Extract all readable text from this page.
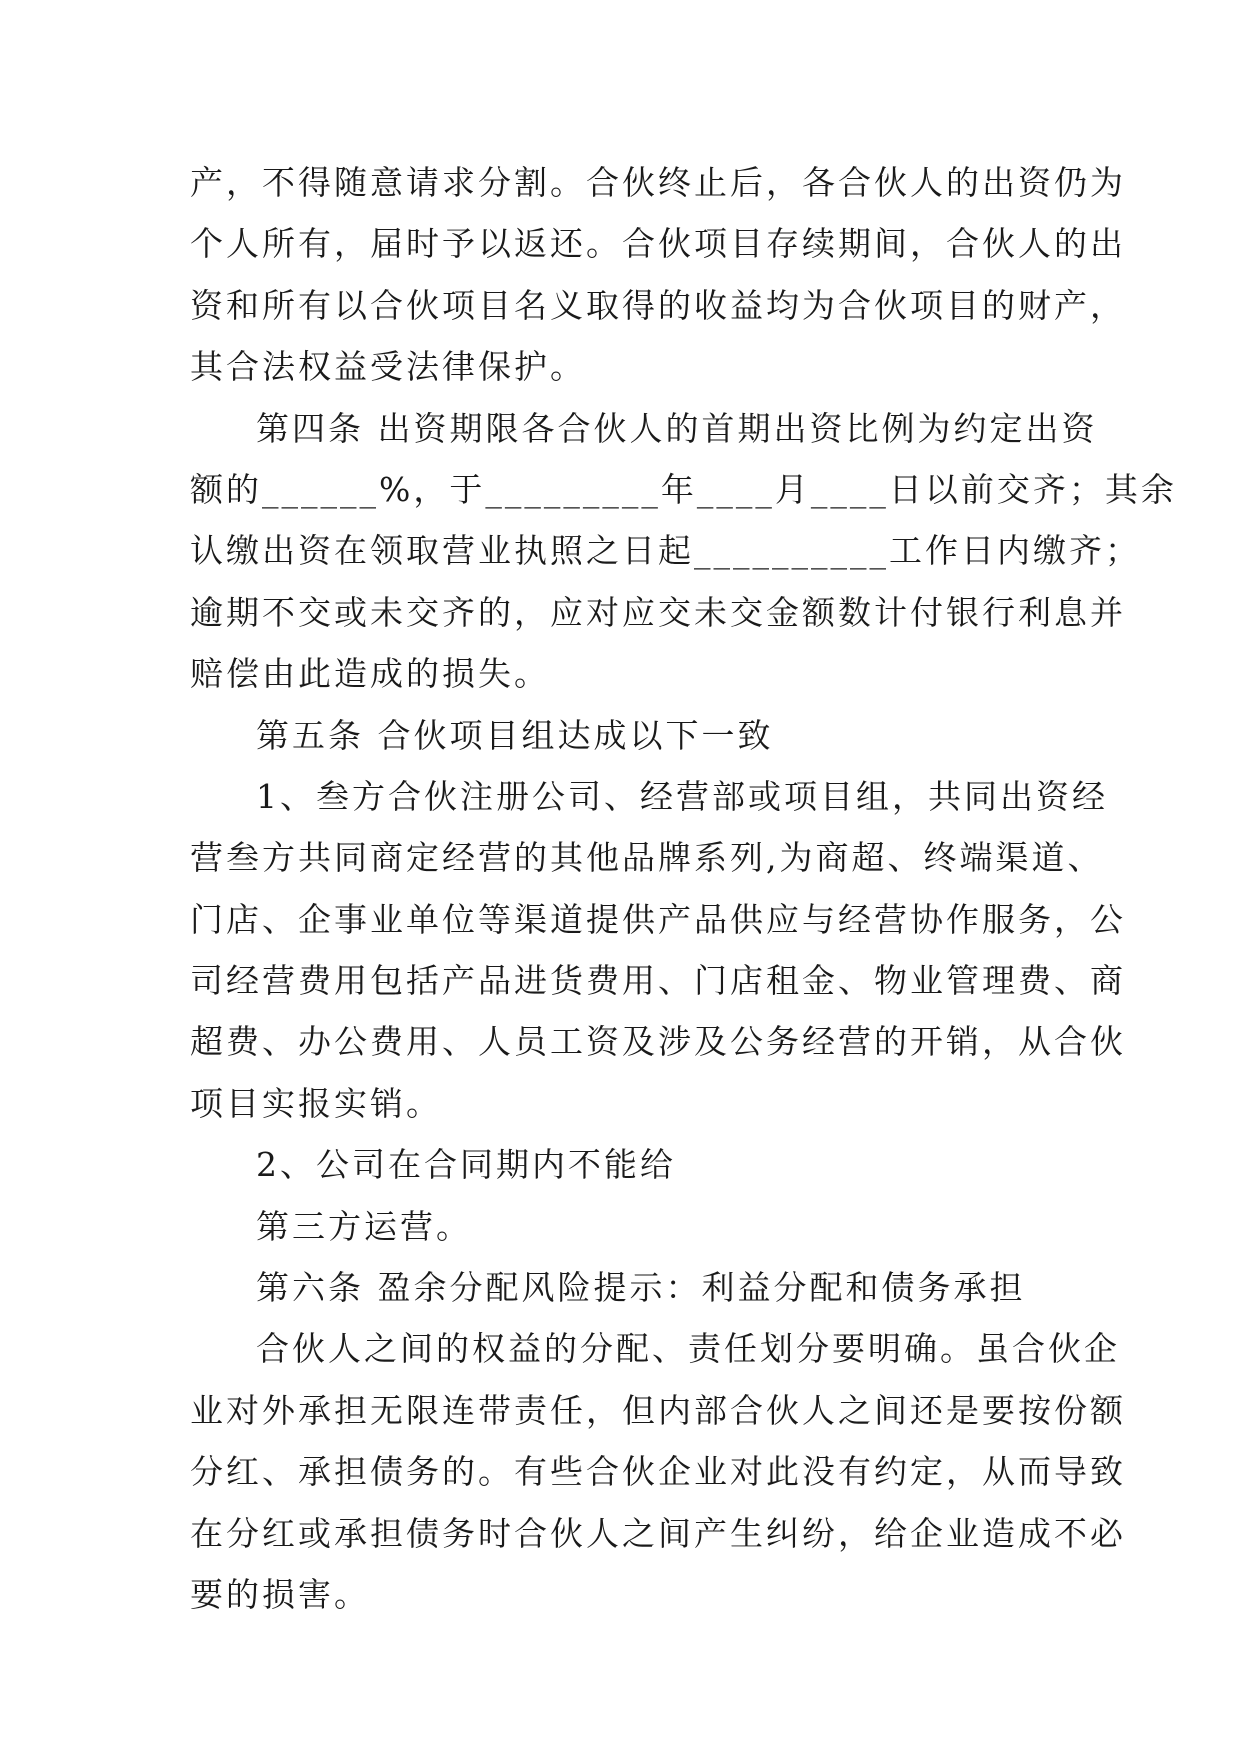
产，不得随意请求分割。合伙终止后，各合伙人的出资仍为
个人所有，届时予以返还。合伙项目存续期间，合伙人的出
资和所有以合伙项目名义取得的收益均为合伙项目的财产，
其合法权益受法律保护。
第四条 出资期限各合伙人的首期出资比例为约定出资
额的______%，于_________年____月____日以前交齐；其余
认缴出资在领取营业执照之日起__________工作日内缴齐；
逾期不交或未交齐的，应对应交未交金额数计付银行利息并
赔偿由此造成的损失。
第五条 合伙项目组达成以下一致
1、叁方合伙注册公司、经营部或项目组，共同出资经
营叁方共同商定经营的其他品牌系列,为商超、终端渠道、
门店、企事业单位等渠道提供产品供应与经营协作服务，公
司经营费用包括产品进货费用、门店租金、物业管理费、商
超费、办公费用、人员工资及涉及公务经营的开销，从合伙
项目实报实销。
2、公司在合同期内不能给
第三方运营。
第六条 盈余分配风险提示：利益分配和债务承担
合伙人之间的权益的分配、责任划分要明确。虽合伙企
业对外承担无限连带责任，但内部合伙人之间还是要按份额
分红、承担债务的。有些合伙企业对此没有约定，从而导致
在分红或承担债务时合伙人之间产生纠纷，给企业造成不必
要的损害。
